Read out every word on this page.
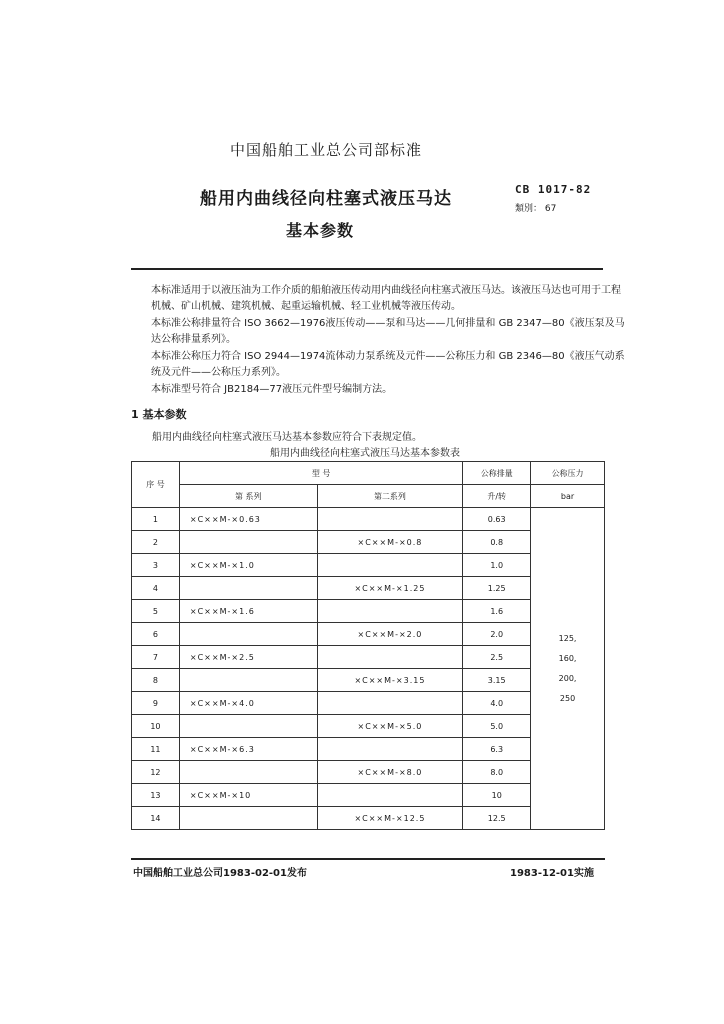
中国船舶工业总公司部标准
船用内曲线径向柱塞式液压马达
基本参数
CB 1017-82
類別： 67
本标准适用于以液压油为工作介质的船舶液压传动用内曲线径向柱塞式液压马达。该液压马达也可用于工程机械、矿山机械、建筑机械、起重运输机械、轻工业机械等液压传动。
本标准公称排量符合 ISO 3662—1976液压传动——泵和马达——几何排量和 GB 2347—80《液压泵及马达公称排量系列》。
本标准公称压力符合 ISO 2944—1974流体动力泵系统及元件——公称压力和 GB 2346—80《液压气动系统及元件——公称压力系列》。
本标准型号符合 JB2184—77液压元件型号编制方法。
1 基本参数
船用内曲线径向柱塞式液压马达基本参数应符合下表规定值。
船用内曲线径向柱塞式液压马达基本参数表
序 号	型 号		公称排量	公称压力
	第 系列	第二系列	升/转	bar
1	×C××M-×0.63		0.63	125,
160,
200,
250

2		×C××M-×0.8	0.8	
3	×C××M-×1.0		1.0	
4		×C××M-×1.25	1.25	
5	×C××M-×1.6		1.6	
6		×C××M-×2.0	2.0	
7	×C××M-×2.5		2.5	
8		×C××M-×3.15	3.15	
9	×C××M-×4.0		4.0	
10		×C××M-×5.0	5.0	
11	×C××M-×6.3		6.3	
12		×C××M-×8.0	8.0	
13	×C××M-×10		10	
14		×C××M-×12.5	12.5	
中国船舶工业总公司1983-02-01发布	1983-12-01实施
